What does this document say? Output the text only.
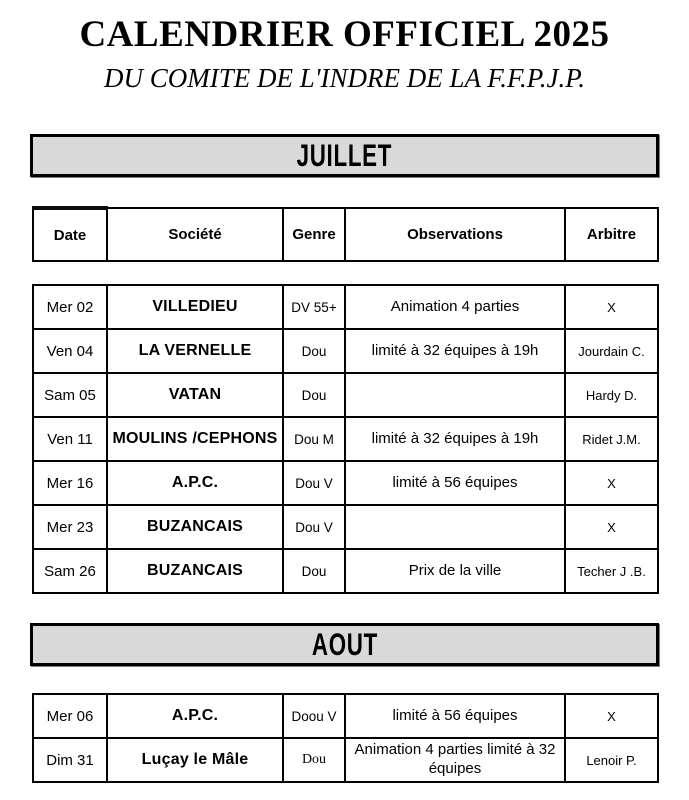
CALENDRIER OFFICIEL 2025
DU COMITE DE L'INDRE DE LA F.F.P.J.P.
JUILLET
Date	Société	Genre	Observations	Arbitre
Mer 02	VILLEDIEU	DV 55+	Animation 4 parties	X
Ven 04	LA VERNELLE	Dou	limité à 32 équipes à 19h	Jourdain C.
Sam 05	VATAN	Dou		Hardy D.
Ven 11	MOULINS /CEPHONS	Dou M	limité à 32 équipes à 19h	Ridet J.M.
Mer 16	A.P.C.	Dou V	limité à 56 équipes	X
Mer 23	BUZANCAIS	Dou V		X
Sam 26	BUZANCAIS	Dou	Prix de la ville	Techer J .B.
AOUT
Mer 06	A.P.C.	Doou V	limité à 56 équipes	X
Dim 31	Luçay le Mâle	Dou	Animation 4 parties limité à 32 équipes	Lenoir P.
